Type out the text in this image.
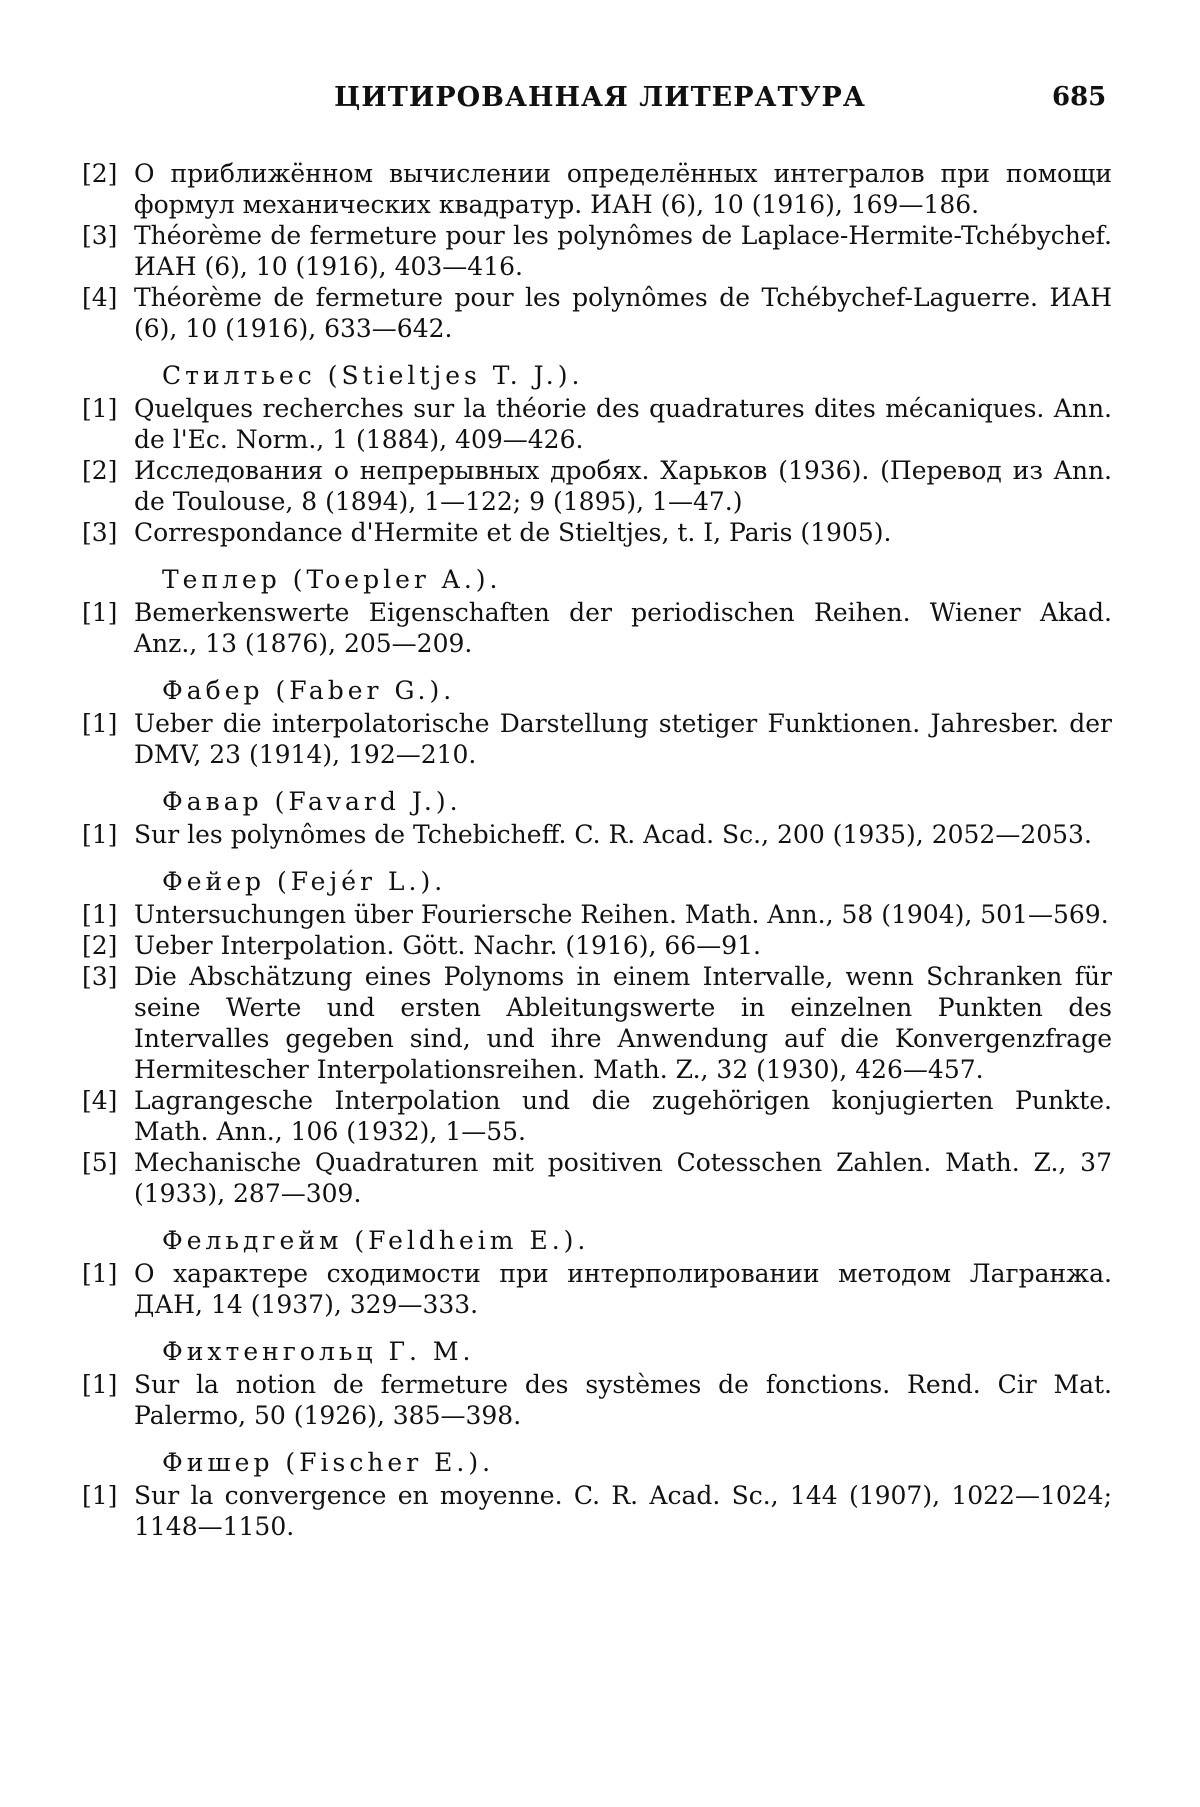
ЦИТИРОВАННАЯ ЛИТЕРАТУРА	685
[2] О приближённом вычислении определённых интегралов при помощи формул механических квадратур. ИАН (6), 10 (1916), 169—186.
[3] Théorème de fermeture pour les polynômes de Laplace-Hermite-Tchébychef. ИАН (6), 10 (1916), 403—416.
[4] Théorème de fermeture pour les polynômes de Tchébychef-Laguerre. ИАН (6), 10 (1916), 633—642.
Стилтьес (Stieltjes T. J.).
[1] Quelques recherches sur la théorie des quadratures dites mécaniques. Ann. de l'Ec. Norm., 1 (1884), 409—426.
[2] Исследования о непрерывных дробях. Харьков (1936). (Перевод из Ann. de Toulouse, 8 (1894), 1—122; 9 (1895), 1—47.)
[3] Correspondance d'Hermite et de Stieltjes, t. I, Paris (1905).
Теплер (Toepler A.).
[1] Bemerkenswerte Eigenschaften der periodischen Reihen. Wiener Akad. Anz., 13 (1876), 205—209.
Фабер (Faber G.).
[1] Ueber die interpolatorische Darstellung stetiger Funktionen. Jahresber. der DMV, 23 (1914), 192—210.
Фавар (Favard J.).
[1] Sur les polynômes de Tchebicheff. C. R. Acad. Sc., 200 (1935), 2052—2053.
Фейер (Fejér L.).
[1] Untersuchungen über Fouriersche Reihen. Math. Ann., 58 (1904), 501—569.
[2] Ueber Interpolation. Gött. Nachr. (1916), 66—91.
[3] Die Abschätzung eines Polynoms in einem Intervalle, wenn Schranken für seine Werte und ersten Ableitungswerte in einzelnen Punkten des Intervalles gegeben sind, und ihre Anwendung auf die Konvergenzfrage Hermitescher Interpolationsreihen. Math. Z., 32 (1930), 426—457.
[4] Lagrangesche Interpolation und die zugehörigen konjugierten Punkte. Math. Ann., 106 (1932), 1—55.
[5] Mechanische Quadraturen mit positiven Cotesschen Zahlen. Math. Z., 37 (1933), 287—309.
Фельдгейм (Feldheim E.).
[1] О характере сходимости при интерполировании методом Лагранжа. ДАН, 14 (1937), 329—333.
Фихтенгольц Г. М.
[1] Sur la notion de fermeture des systèmes de fonctions. Rend. Cir Mat. Palermo, 50 (1926), 385—398.
Фишер (Fischer E.).
[1] Sur la convergence en moyenne. C. R. Acad. Sc., 144 (1907), 1022—1024; 1148—1150.
